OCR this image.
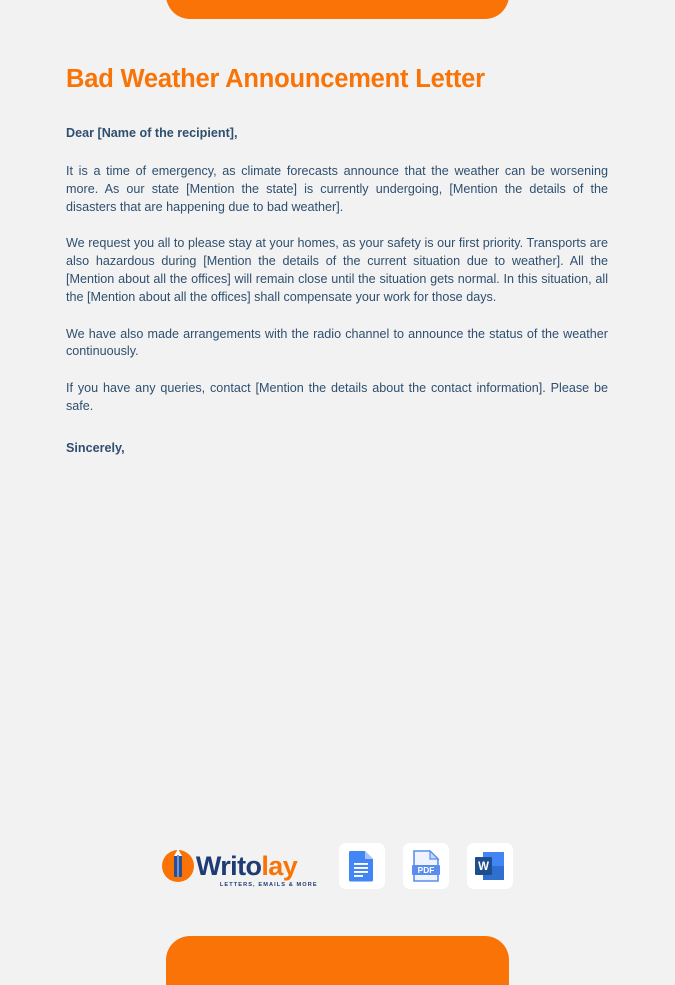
Bad Weather Announcement Letter

Dear [Name of the recipient],

It is a time of emergency, as climate forecasts announce that the weather can be worsening more. As our state [Mention the state] is currently undergoing, [Mention the details of the disasters that are happening due to bad weather].

We request you all to please stay at your homes, as your safety is our first priority. Transports are also hazardous during [Mention the details of the current situation due to weather]. All the [Mention about all the offices] will remain close until the situation gets normal. In this situation, all the [Mention about all the offices] shall compensate your work for those days.

We have also made arrangements with the radio channel to announce the status of the weather continuously.

If you have any queries, contact [Mention the details about the contact information]. Please be safe.

Sincerely,

Writolay
LETTERS, EMAILS & MORE
PDF	W
